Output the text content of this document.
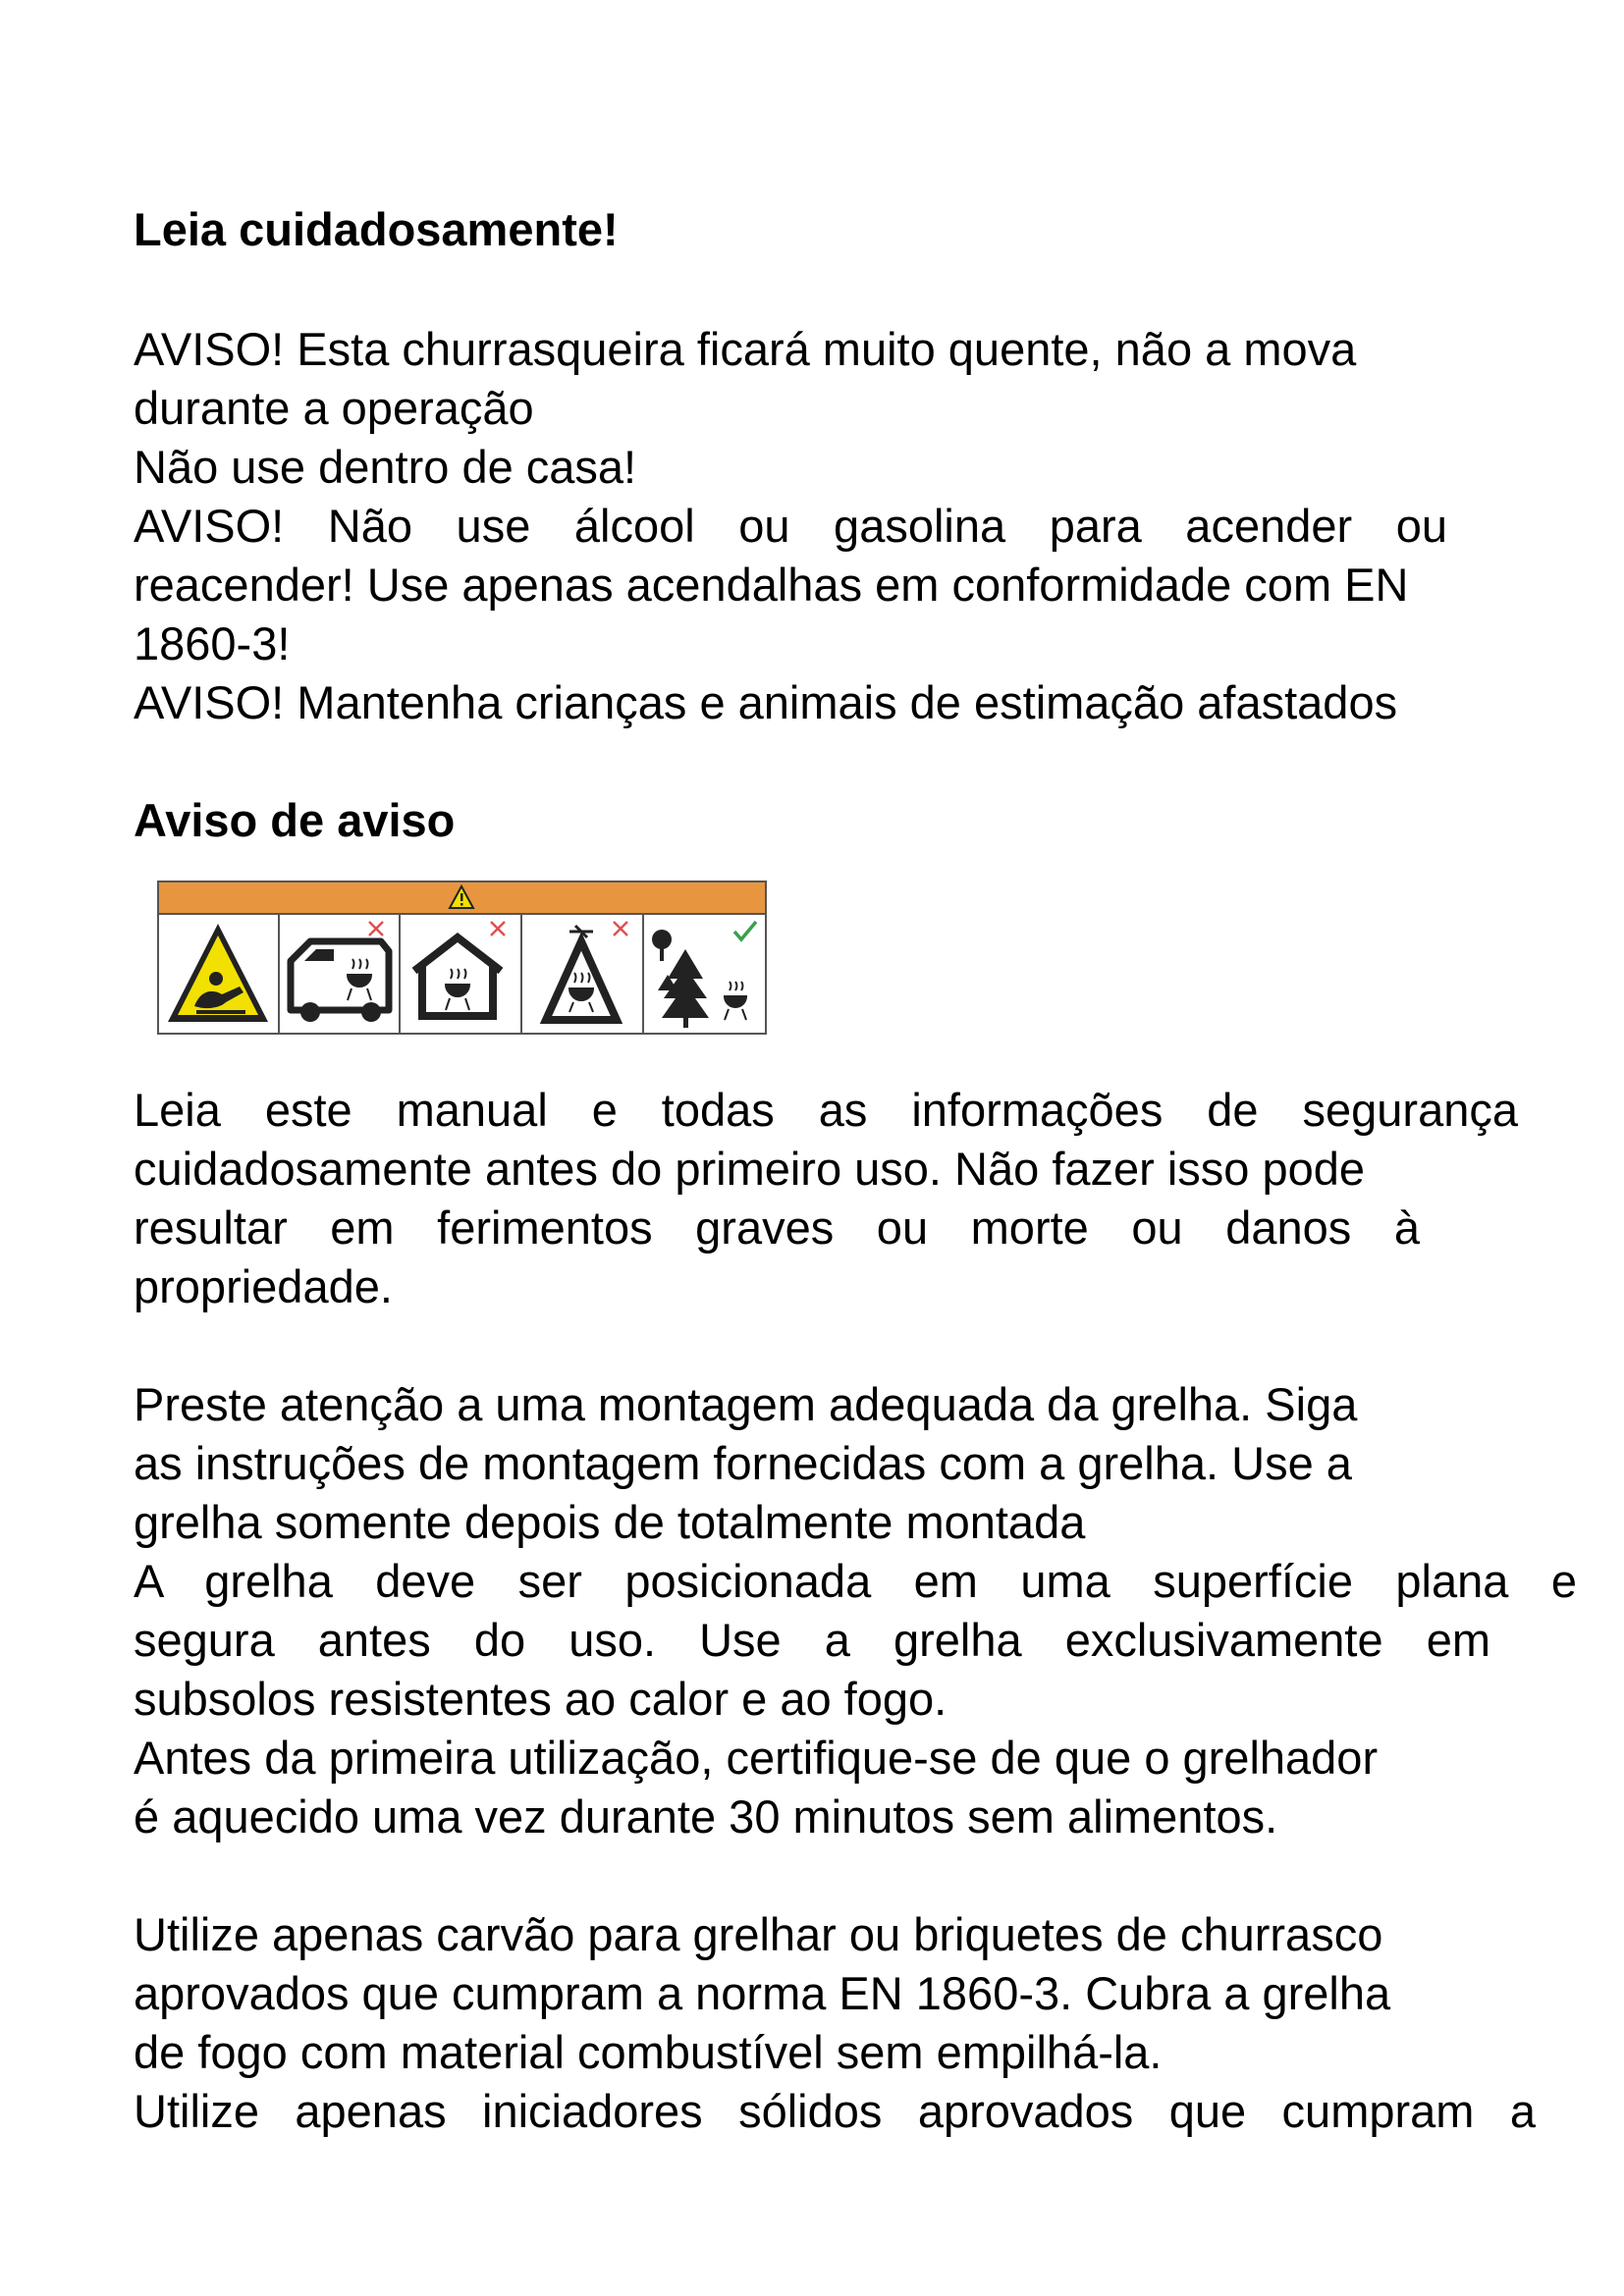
Leia cuidadosamente!

AVISO! Esta churrasqueira ficará muito quente, não a mova
durante a operação
Não use dentro de casa!
AVISO! Não use álcool ou gasolina para acender ou
reacender! Use apenas acendalhas em conformidade com EN
1860-3!
AVISO! Mantenha crianças e animais de estimação afastados

Aviso de aviso

Leia este manual e todas as informações de segurança
cuidadosamente antes do primeiro uso. Não fazer isso pode
resultar em ferimentos graves ou morte ou danos à
propriedade.

Preste atenção a uma montagem adequada da grelha. Siga
as instruções de montagem fornecidas com a grelha. Use a
grelha somente depois de totalmente montada
A grelha deve ser posicionada em uma superfície plana e
segura antes do uso. Use a grelha exclusivamente em
subsolos resistentes ao calor e ao fogo.
Antes da primeira utilização, certifique-se de que o grelhador
é aquecido uma vez durante 30 minutos sem alimentos.

Utilize apenas carvão para grelhar ou briquetes de churrasco
aprovados que cumpram a norma EN 1860-3. Cubra a grelha
de fogo com material combustível sem empilhá-la.
Utilize apenas iniciadores sólidos aprovados que cumpram a
